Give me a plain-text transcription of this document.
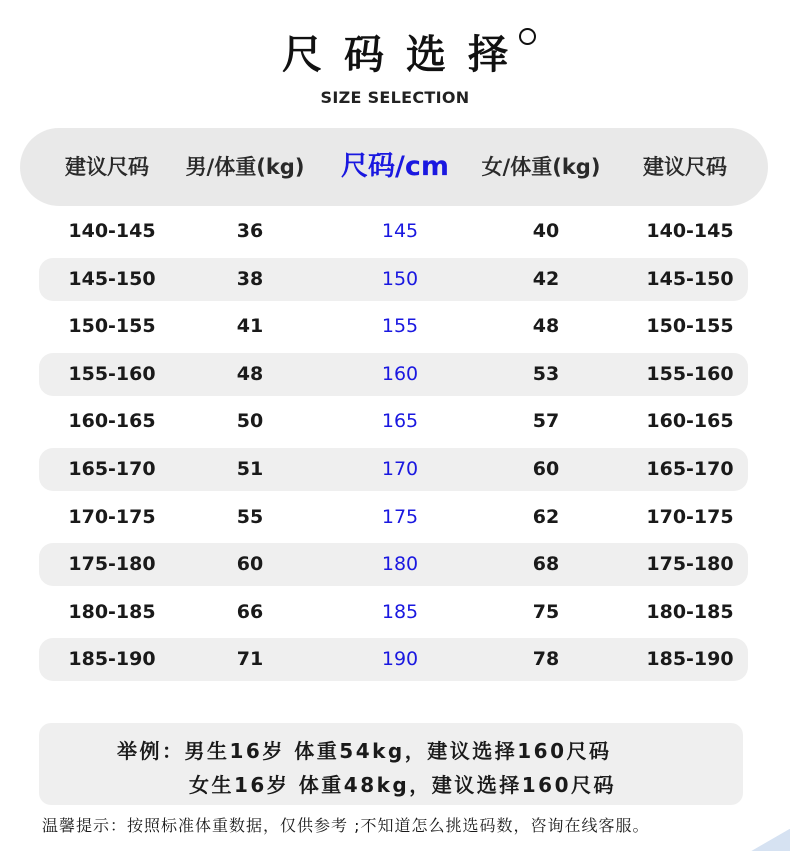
尺码选择
SIZE SELECTION
建议尺码 男/体重(kg) 尺码/cm 女/体重(kg) 建议尺码
140-145	36	145	40	140-145
145-150	38	150	42	145-150
150-155	41	155	48	150-155
155-160	48	160	53	155-160
160-165	50	165	57	160-165
165-170	51	170	60	165-170
170-175	55	175	62	170-175
175-180	60	180	68	175-180
180-185	66	185	75	180-185
185-190	71	190	78	185-190
举例：男生16岁 体重54kg，建议选择160尺码
女生16岁 体重48kg，建议选择160尺码
温馨提示：按照标准体重数据，仅供参考 ;不知道怎么挑选码数，咨询在线客服。
